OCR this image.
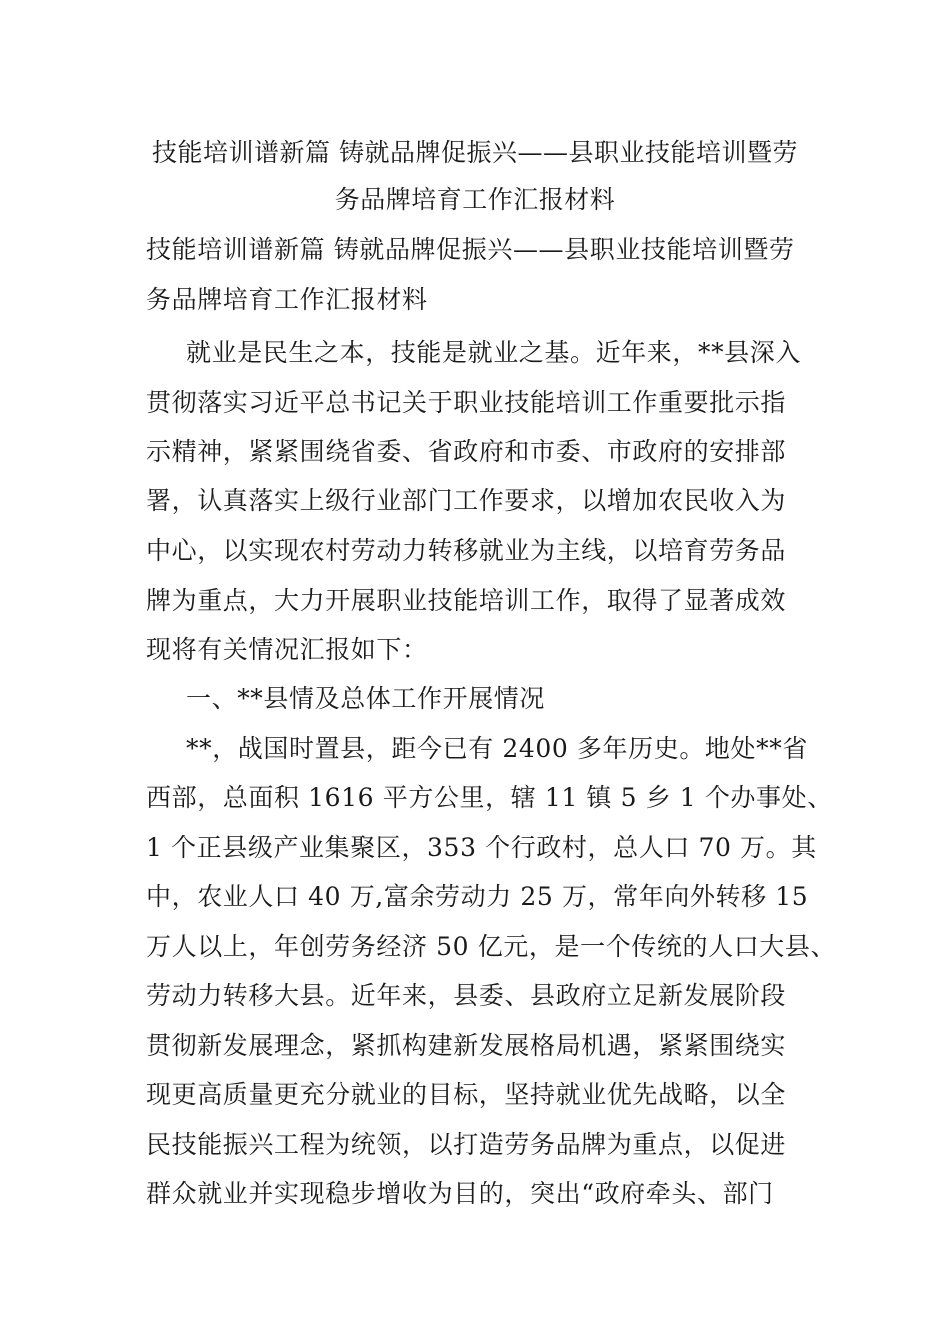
技能培训谱新篇 铸就品牌促振兴——县职业技能培训暨劳
务品牌培育工作汇报材料
技能培训谱新篇 铸就品牌促振兴——县职业技能培训暨劳
务品牌培育工作汇报材料
就业是民生之本，技能是就业之基。近年来，**县深入
贯彻落实习近平总书记关于职业技能培训工作重要批示指
示精神，紧紧围绕省委、省政府和市委、市政府的安排部
署，认真落实上级行业部门工作要求，以增加农民收入为
中心，以实现农村劳动力转移就业为主线，以培育劳务品
牌为重点，大力开展职业技能培训工作，取得了显著成效
现将有关情况汇报如下：
一、**县情及总体工作开展情况
**，战国时置县，距今已有 2400 多年历史。地处**省
西部，总面积 1616 平方公里，辖 11 镇 5 乡 1 个办事处、
1 个正县级产业集聚区，353 个行政村，总人口 70 万。其
中，农业人口 40 万,富余劳动力 25 万，常年向外转移 15
万人以上，年创劳务经济 50 亿元，是一个传统的人口大县、
劳动力转移大县。近年来，县委、县政府立足新发展阶段
贯彻新发展理念，紧抓构建新发展格局机遇，紧紧围绕实
现更高质量更充分就业的目标，坚持就业优先战略，以全
民技能振兴工程为统领，以打造劳务品牌为重点，以促进
群众就业并实现稳步增收为目的，突出“政府牵头、部门
